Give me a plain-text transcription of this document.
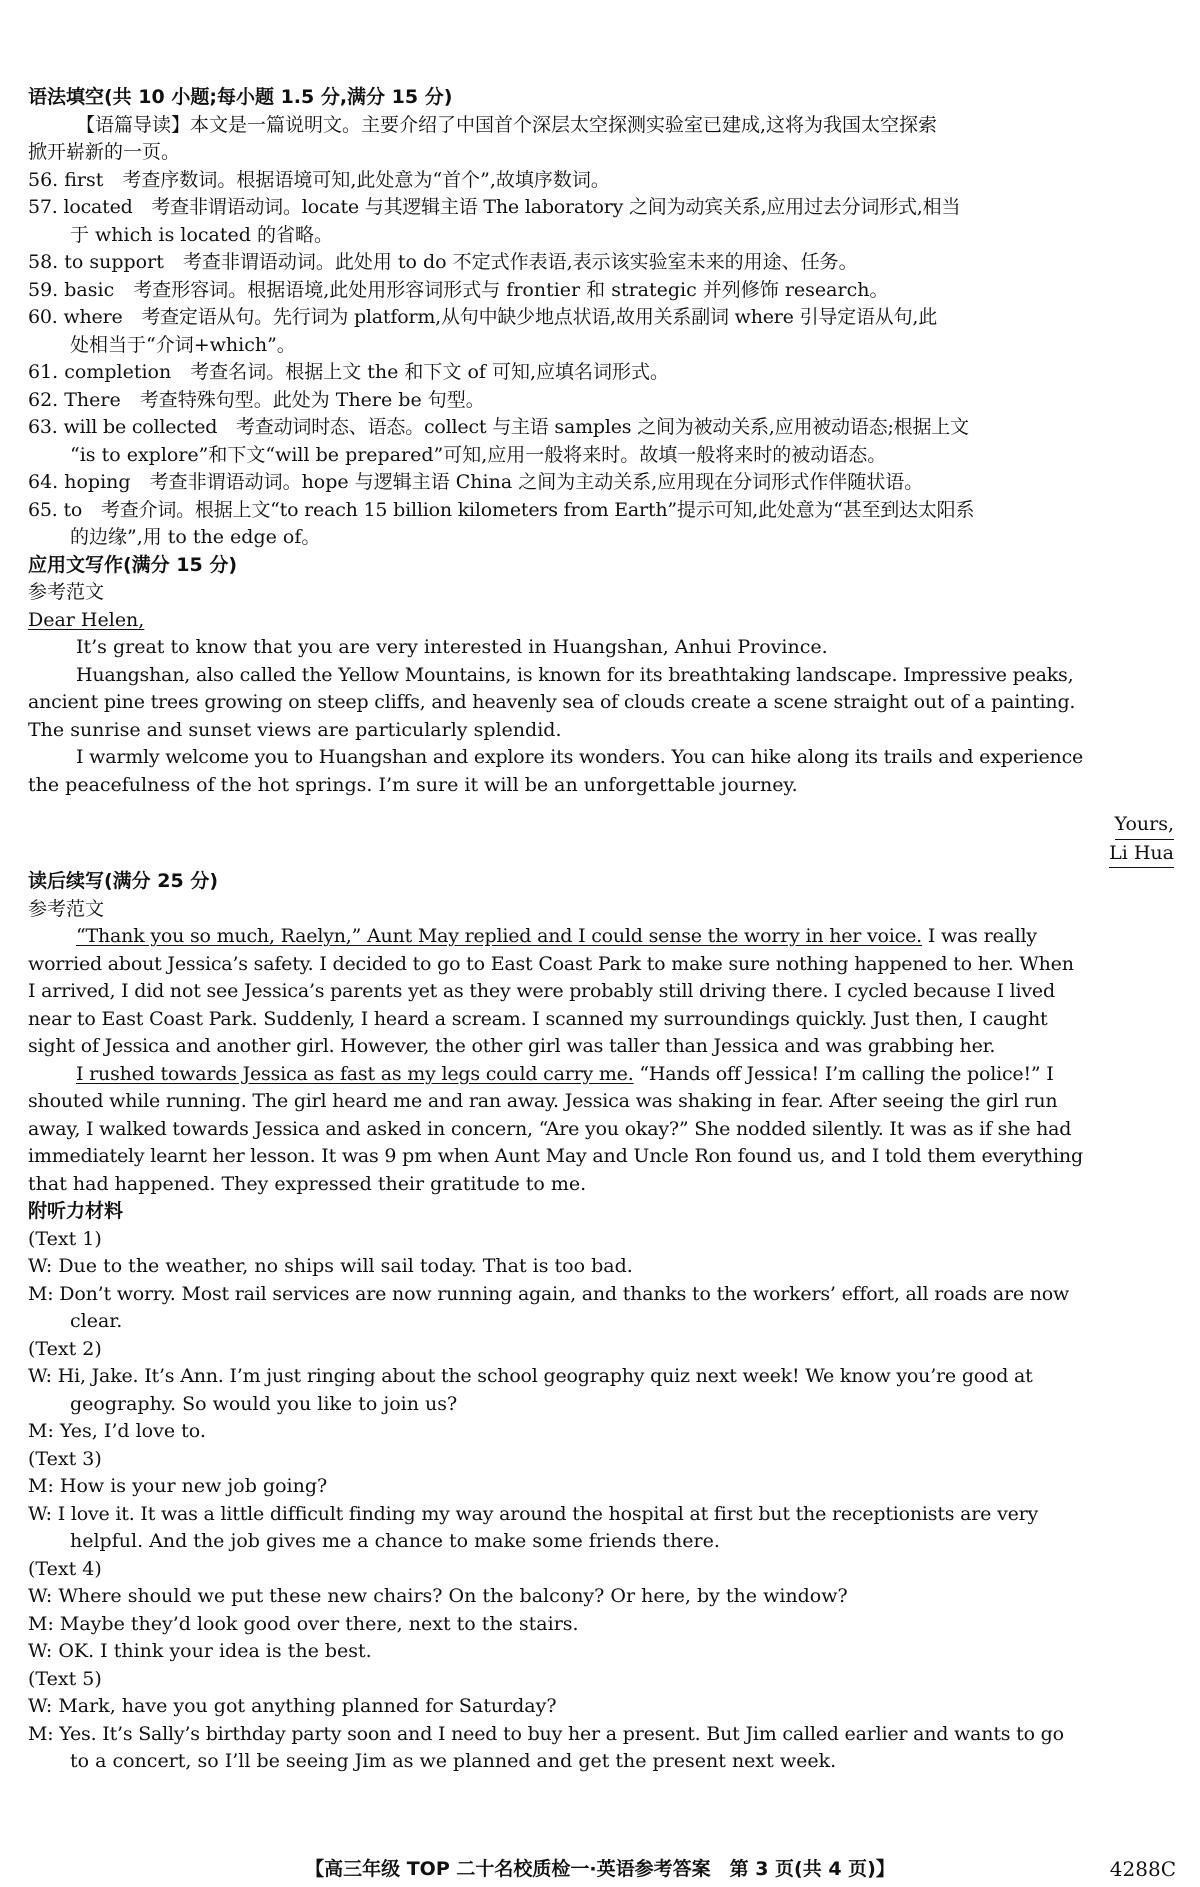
语法填空(共 10 小题;每小题 1.5 分,满分 15 分)
【语篇导读】本文是一篇说明文。主要介绍了中国首个深层太空探测实验室已建成,这将为我国太空探索
掀开崭新的一页。
56. first　考查序数词。根据语境可知,此处意为“首个”,故填序数词。
57. located　考查非谓语动词。locate 与其逻辑主语 The laboratory 之间为动宾关系,应用过去分词形式,相当
于 which is located 的省略。
58. to support　考查非谓语动词。此处用 to do 不定式作表语,表示该实验室未来的用途、任务。
59. basic　考查形容词。根据语境,此处用形容词形式与 frontier 和 strategic 并列修饰 research。
60. where　考查定语从句。先行词为 platform,从句中缺少地点状语,故用关系副词 where 引导定语从句,此
处相当于“介词+which”。
61. completion　考查名词。根据上文 the 和下文 of 可知,应填名词形式。
62. There　考查特殊句型。此处为 There be 句型。
63. will be collected　考查动词时态、语态。collect 与主语 samples 之间为被动关系,应用被动语态;根据上文
“is to explore”和下文“will be prepared”可知,应用一般将来时。故填一般将来时的被动语态。
64. hoping　考查非谓语动词。hope 与逻辑主语 China 之间为主动关系,应用现在分词形式作伴随状语。
65. to　考查介词。根据上文“to reach 15 billion kilometers from Earth”提示可知,此处意为“甚至到达太阳系
的边缘”,用 to the edge of。
应用文写作(满分 15 分)
参考范文
Dear Helen,
It’s great to know that you are very interested in Huangshan, Anhui Province.
Huangshan, also called the Yellow Mountains, is known for its breathtaking landscape. Impressive peaks,
ancient pine trees growing on steep cliffs, and heavenly sea of clouds create a scene straight out of a painting.
The sunrise and sunset views are particularly splendid.
I warmly welcome you to Huangshan and explore its wonders. You can hike along its trails and experience
the peacefulness of the hot springs. I’m sure it will be an unforgettable journey.
Yours,
Li Hua
读后续写(满分 25 分)
参考范文
“Thank you so much, Raelyn,” Aunt May replied and I could sense the worry in her voice. I was really
worried about Jessica’s safety. I decided to go to East Coast Park to make sure nothing happened to her. When
I arrived, I did not see Jessica’s parents yet as they were probably still driving there. I cycled because I lived
near to East Coast Park. Suddenly, I heard a scream. I scanned my surroundings quickly. Just then, I caught
sight of Jessica and another girl. However, the other girl was taller than Jessica and was grabbing her.
I rushed towards Jessica as fast as my legs could carry me. “Hands off Jessica! I’m calling the police!” I
shouted while running. The girl heard me and ran away. Jessica was shaking in fear. After seeing the girl run
away, I walked towards Jessica and asked in concern, “Are you okay?” She nodded silently. It was as if she had
immediately learnt her lesson. It was 9 pm when Aunt May and Uncle Ron found us, and I told them everything
that had happened. They expressed their gratitude to me.
附听力材料
(Text 1)
W: Due to the weather, no ships will sail today. That is too bad.
M: Don’t worry. Most rail services are now running again, and thanks to the workers’ effort, all roads are now
clear.
(Text 2)
W: Hi, Jake. It’s Ann. I’m just ringing about the school geography quiz next week! We know you’re good at
geography. So would you like to join us?
M: Yes, I’d love to.
(Text 3)
M: How is your new job going?
W: I love it. It was a little difficult finding my way around the hospital at first but the receptionists are very
helpful. And the job gives me a chance to make some friends there.
(Text 4)
W: Where should we put these new chairs? On the balcony? Or here, by the window?
M: Maybe they’d look good over there, next to the stairs.
W: OK. I think your idea is the best.
(Text 5)
W: Mark, have you got anything planned for Saturday?
M: Yes. It’s Sally’s birthday party soon and I need to buy her a present. But Jim called earlier and wants to go
to a concert, so I’ll be seeing Jim as we planned and get the present next week.
【高三年级 TOP 二十名校质检一·英语参考答案　第 3 页(共 4 页)】	4288C
